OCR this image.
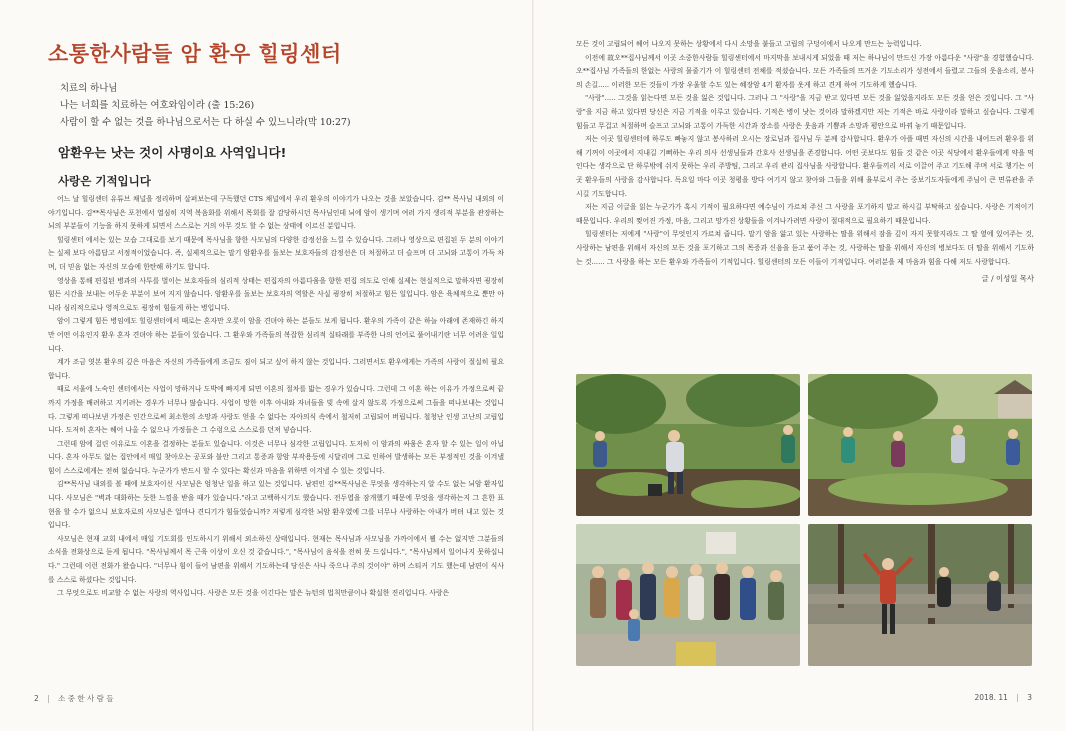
소통한사람들 암 환우 힐링센터
치료의 하나님
나는 너희를 치료하는 여호와임이라 (출 15:26)
사람이 할 수 없는 것을 하나님으로서는 다 하실 수 있느니라(막 10:27)
암환우는 낫는 것이 사명이요 사역입니다!
사랑은 기적입니다

어느 날 힐링센터 유튜브 채널을 정리하며 살펴보는데 구독했던 CTS 채널에서 우리 환우의 이야기가 나오는 것을 보았습니다. 김** 목사님 내외의 이야기입니다. 김**목사님은 포천에서 열심히 지역 복음화를 위해서 목회를 잘 감당하시던 목사님인데 뇌에 암이 생기며 여러 가지 생리적 부분을 관장하는 뇌의 부분들이 기능을 하지 못하게 되면서 스스로는 거의 아무 것도 할 수 없는 상태에 이르신 분입니다.

힐링센터 에서는 있는 모습 그대로를 보기 때문에 목사님을 향한 사모님의 다양한 감정선을 느낄 수 있습니다. 그러나 영상으로 편집된 두 분의 이야기는 실제 보다 아름답고 서정적이었습니다. 즉, 실제적으로는 말기 암환우를 돌보는 보호자들의 감정선은 더 처절하고 더 슬프며 더 고뇌와 고통이 가득 차며, 더 믿음 없는 자신의 모습에 한탄해 하기도 합니다.

영상을 통해 편집된 병과의 사투를 벌이는 보호자들의 심리적 상태는 편집자의 아름다움을 향한 편집 의도로 인해 실제는 현실적으로 말하자면 굉장히 힘든 시간을 보내는 어두운 부분이 보여 지지 않습니다. 암환우를 돌보는 보호자의 역할은 사실 굉장히 처절하고 힘든 일입니다. 암은 육체적으로 뿐만 아니라 심리적으로나 영적으로도 굉장히 힘들게 하는 병입니다.

암이 그렇게 힘든 병임에도 힐링센터에서 때로는 혼자만 오롯이 암을 견뎌야 하는 분들도 보게 됩니다. 환우의 가족이 같은 하늘 아래에 존재하긴 하지만 어떤 이유인지 환우 혼자 견뎌야 하는 분들이 있습니다. 그 환우와 가족들의 복잡한 심리적 실타래를 부족한 나의 언어로 풀어내기란 너무 어려운 일입니다.

계가 조금 엿본 환우의 깊은 마음은 자신의 가족들에게 조금도 짐이 되고 싶어 하지 않는 것입니다. 그러면서도 환우에게는 가족의 사랑이 절실히 필요합니다.

때로 서울에 노숙인 센터에서는 사업이 망하거나 도박에 빠지게 되면 이혼의 절차를 밟는 경우가 있습니다. 그런데 그 이혼 하는 이유가 가정으로써 끝까지 가정을 배려하고 지키려는 경우가 너무나 많습니다. 사업이 망한 이후 아내와 자녀들을 빚 속에 살지 않도록 가정으로써 그들을 떠나보내는 것입니다. 그렇게 떠나보낸 가정은 인간으로써 최소한의 소망과 사랑도 얻을 수 없다는 자아의식 속에서 철저히 고립되어 버립니다. 철청난 인생 고난의 고립입니다. 도저히 혼자는 헤어 나올 수 없으나 가정들은 그 수렁으로 스스로를 던져 넣습니다.

그런데 암에 걸린 이유로도 이혼을 결정하는 분들도 있습니다. 이것은 너무나 심각한 고립입니다. 도저히 이 암과의 싸움은 혼자 할 수 있는 일이 아닙니다. 혼자 아무도 없는 집안에서 매일 찾아오는 공포와 불안 그리고 통증과 항암 부작용등에 시달리며 그로 인하여 발생하는 모든 부정적인 것을 이겨낼 힘이 스스로에게는 전혀 없습니다. 누군가가 반드시 할 수 있다는 확신과 마음을 위하면 이겨낼 수 있는 것입니다.

김**목사님 내외를 볼 때에 보호자이신 사모님은 엄청난 일을 하고 있는 것입니다. 남편인 김**목사님은 무엇을 생각하는지 알 수도 없는 뇌암 환자입니다. 사모님은 "벽과 대화하는 듯한 느낌을 받을 때가 있습니다."라고 고백하시기도 했습니다. 전두엽을 잠개했기 때문에 무엇을 생각하는지 그 흔한 표현을 할 수가 없으니 보호자로의 사모님은 얼마나 견디기가 힘들었습니까? 저렇게 심각한 뇌암 환우였에 그를 너무나 사랑하는 아내가 버텨 내고 있는 것입니다.

사모님은 현재 교회 내에서 매일 기도회를 인도하시기 위해서 외소하신 상태입니다. 현재는 목사님과 사모님을 가까이에서 뵐 수는 없지만 그분들의 소식을 전화상으로 듣게 됩니다. "목사님께서 목 근육 이상이 오신 것 같습니다.", "목사님이 음식을 전혀 못 드십니다.", "목사님께서 일어나지 못하십니다." 그런데 이런 전화가 왔습니다. "너무나 힘이 들어 남편을 위해서 기도하는데 당신은 사나 죽으나 주의 것이야" 하며 스티커 기도 했는데 남편이 식사를 스스로 하셨다는 것입니다.

그 무엇으로도 비교할 수 없는 사랑의 역사입니다. 사랑은 모든 것을 이긴다는 말은 뉴턴의 법칙만큼이나 확실한 진리입니다. 사랑은

모든 것이 고립되어 헤어 나오지 못하는 상황에서 다시 소망을 붙들고 고립의 구덩이에서 나오게 만드는 능력입니다.

이전에 故오**집사님께서 이곳 소중한사람들 힐링센터에서 마지막을 보내시게 되었을 때 저는 하나님이 만드신 가장 아름다운 "사랑"을 경험했습니다. 오**집사님 가족들의 한없는 사랑의 물줄기가 이 힐링센터 전체를 적셨습니다. 모든 가족들의 뜨거운 기도소리가 성전에서 들렸고 그들의 웃음소리, 봉사의 손길..... 이러한 모든 것들이 가장 우울할 수도 있는 혜장암 4기 환자를 옷게 하고 견게 하여 기도하게 했습니다.

"사랑"..... 그것을 읽는다면 모든 것을 잃은 것입니다. 그러나 그 "사랑"을 지금 받고 있다면 모든 것을 잃었을지라도 모든 것을 얻은 것입니다. 그 "사랑"을 지금 하고 있다면 당신은 지금 기적을 이루고 있습니다. 기적은 병이 낫는 것이라 말하겠지만 저는 기적은 바로 사랑이라 말하고 싶습니다. 그렇게 힘들고 무겁고 처절하며 슬프고 고뇌와 고통이 가득한 시간과 장소를 사랑은 웃음과 기쁨과 소망과 평안으로 바꿔 놓기 때문입니다.

저는 이곳 힐링센터에 하루도 빠놓지 않고 봉사하러 오시는 장로님과 집사님 두 분께 감사합니다. 환우가 아플 때면 자신의 시간을 내어드려 환우를 위해 기꺼이 이곳에서 지내길 기뻐하는 우리 의사 선생님들과 간호사 선생님을 존경합니다. 어떤 곳보다도 힘들 것 같은 이곳 식당에서 환우들에게 약을 먹인다는 생각으로 단 하루밖에 쉬지 못하는 우리 주방팀, 그리고 우리 관리 집사님을 사랑합니다. 환우들끼리 서로 이끌어 주고 기도해 주며 서로 챙기는 이곳 환우들의 사랑을 감사합니다. 독요일 마다 이곳 청평을 방다 여기지 않고 찾아와 그들을 위해 율부로서 주는 중보기도자들에게 주님이 큰 면류관을 주시길 기도합니다.

저는 지금 이글을 읽는 누군가가 혹시 기적이 필요하다면 예수님이 가르쳐 주신 그 사랑을 포기하지 말고 하시길 부탁하고 싶습니다. 사랑은 기적이기 때문입니다. 우리의 찢어진 가정, 마음, 그리고 망가진 상황들을 이겨나가려면 사랑이 절대적으로 필요하기 때문입니다.

힐링센터는 저에게 "사랑"이 무엇인지 가르쳐 줍니다. 말기 암을 앓고 있는 사랑하는 딸을 위해서 잠을 깊이 자지 못할지라도 그 딸 옆에 있어주는 것, 사랑하는 남편을 위해서 자신의 모든 것을 포기하고 그의 목증과 신음을 듣고 품어 주는 것, 사랑하는 딸을 위해서 자신의 병보다도 더 딸을 위해서 기도하는 것...... 그 사랑을 하는 모든 환우와 가족들이 기적입니다. 힐링센터의 모든 이들이 기적입니다. 여러분을 제 마음과 힘을 다해 저도 사랑합니다.

글 / 이성일 목사
2 | 소 중 한 사 람 들	2018. 11 | 3
